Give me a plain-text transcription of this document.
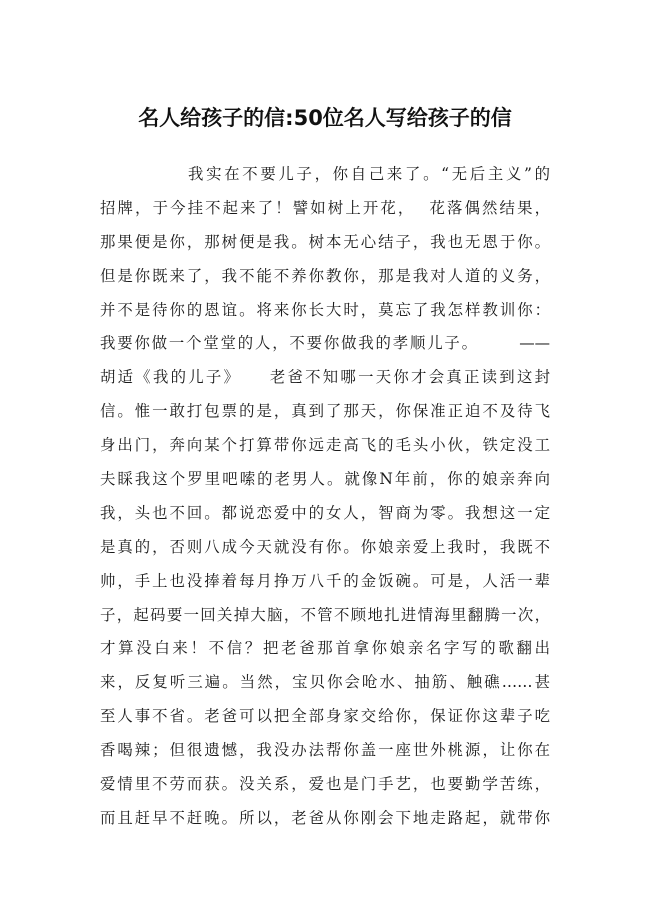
名人给孩子的信:50位名人写给孩子的信
我实在不要儿子，你自己来了。“无后主义”的
招牌，于今挂不起来了！譬如树上开花，  花落偶然结果，
那果便是你，那树便是我。树本无心结子，我也无恩于你。
但是你既来了，我不能不养你教你，那是我对人道的义务，
并不是待你的恩谊。将来你长大时，莫忘了我怎样教训你：
我要你做一个堂堂的人，不要你做我的孝顺儿子。      ——
胡适《我的儿子》    老爸不知哪一天你才会真正读到这封
信。惟一敢打包票的是，真到了那天，你保准正迫不及待飞
身出门，奔向某个打算带你远走高飞的毛头小伙，铁定没工
夫睬我这个罗里吧嗦的老男人。就像N年前，你的娘亲奔向
我，头也不回。都说恋爱中的女人，智商为零。我想这一定
是真的，否则八成今天就没有你。你娘亲爱上我时，我既不
帅，手上也没捧着每月挣万八千的金饭碗。可是，人活一辈
子，起码要一回关掉大脑，不管不顾地扎进情海里翻腾一次，
才算没白来！不信？把老爸那首拿你娘亲名字写的歌翻出
来，反复听三遍。当然，宝贝你会呛水、抽筋、触礁……甚
至人事不省。老爸可以把全部身家交给你，保证你这辈子吃
香喝辣；但很遗憾，我没办法帮你盖一座世外桃源，让你在
爱情里不劳而获。没关系，爱也是门手艺，也要勤学苦练，
而且赶早不赶晚。所以，老爸从你刚会下地走路起，就带你
